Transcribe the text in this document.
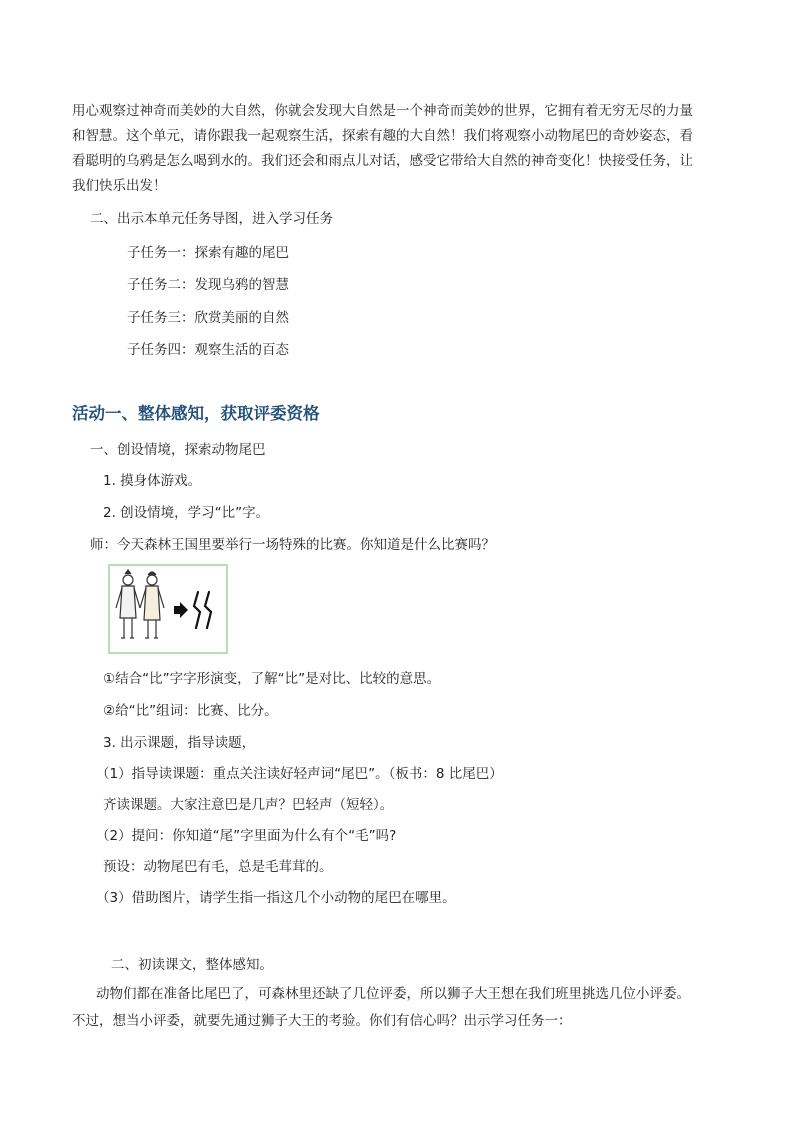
用心观察过神奇而美妙的大自然，你就会发现大自然是一个神奇而美妙的世界，它拥有着无穷无尽的力量
和智慧。这个单元，请你跟我一起观察生活，探索有趣的大自然！我们将观察小动物尾巴的奇妙姿态，看
看聪明的乌鸦是怎么喝到水的。我们还会和雨点儿对话，感受它带给大自然的神奇变化！快接受任务，让
我们快乐出发！
二、出示本单元任务导图，进入学习任务
子任务一：探索有趣的尾巴
子任务二：发现乌鸦的智慧
子任务三：欣赏美丽的自然
子任务四：观察生活的百态
活动一、整体感知，获取评委资格
一、创设情境，探索动物尾巴
1. 摸身体游戏。
2. 创设情境，学习“比”字。
师：今天森林王国里要举行一场特殊的比赛。你知道是什么比赛吗？
①结合“比”字字形演变，了解“比”是对比、比较的意思。
②给“比”组词：比赛、比分。
3. 出示课题，指导读题，
（1）指导读课题：重点关注读好轻声词“尾巴”。（板书：8 比尾巴）
齐读课题。大家注意巴是几声？巴轻声（短轻）。
（2）提问：你知道“尾”字里面为什么有个“毛”吗?
预设：动物尾巴有毛，总是毛茸茸的。
（3）借助图片，请学生指一指这几个小动物的尾巴在哪里。
二、初读课文，整体感知。
动物们都在准备比尾巴了，可森林里还缺了几位评委，所以狮子大王想在我们班里挑选几位小评委。
不过，想当小评委，就要先通过狮子大王的考验。你们有信心吗？出示学习任务一：
